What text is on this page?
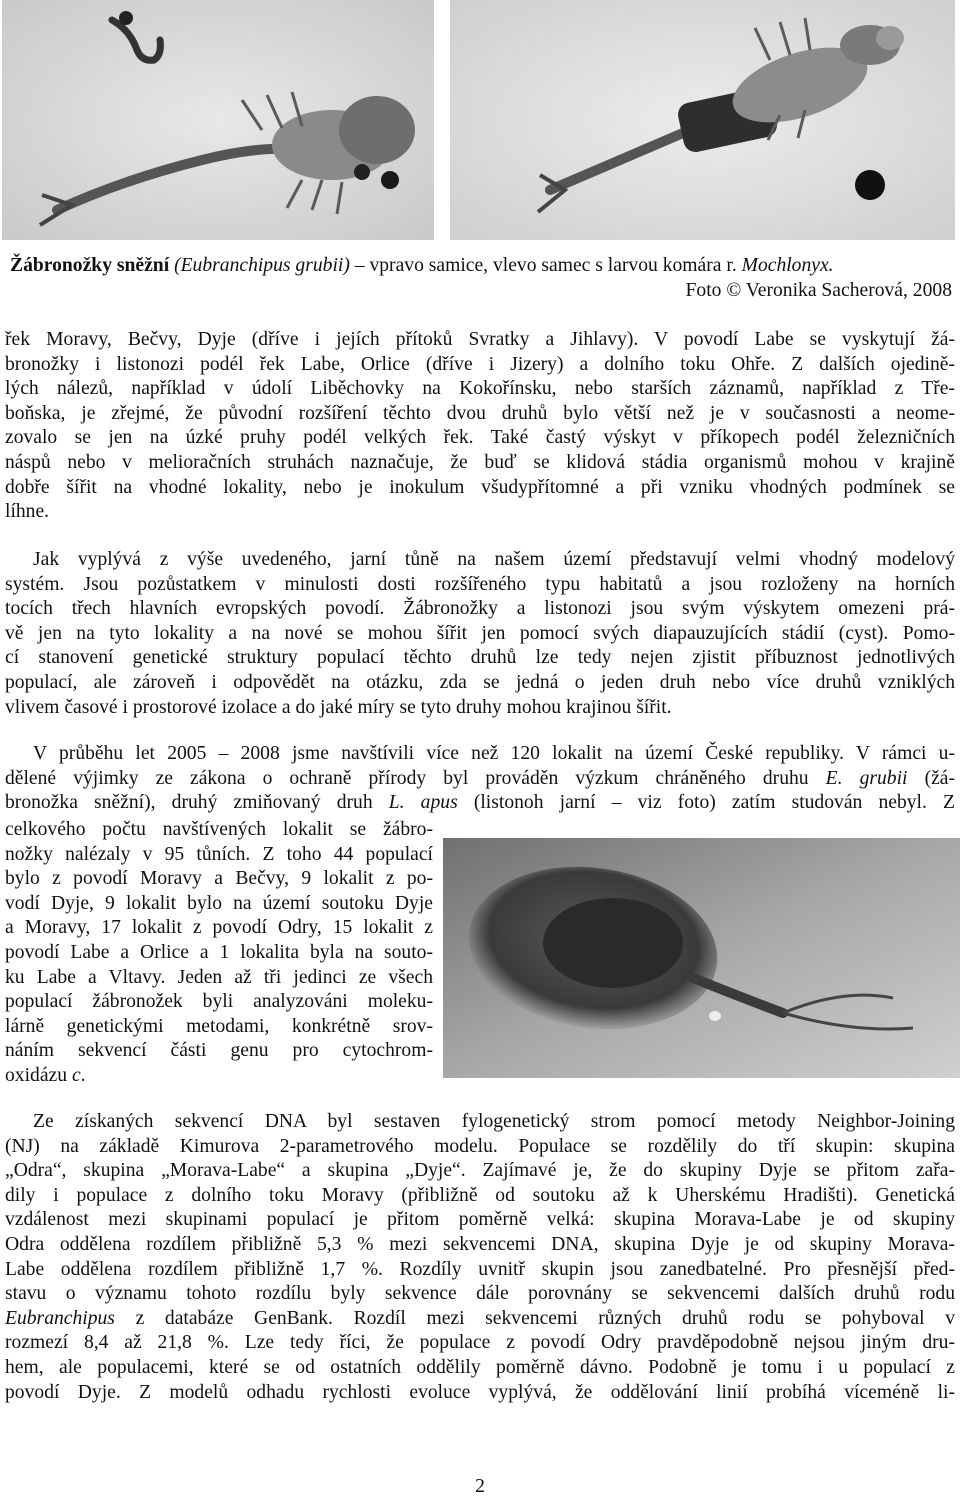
Žábronožky sněžní (Eubranchipus grubii) – vpravo samice, vlevo samec s larvou komára r. Mochlonyx.
Foto © Veronika Sacherová, 2008
řek Moravy, Bečvy, Dyje (dříve i jejích přítoků Svratky a Jihlavy). V povodí Labe se vyskytují žá-
bronožky i listonozi podél řek Labe, Orlice (dříve i Jizery) a dolního toku Ohře. Z dalších ojedině-
lých nálezů, například v údolí Liběchovky na Kokořínsku, nebo starších záznamů, například z Tře-
boňska, je zřejmé, že původní rozšíření těchto dvou druhů bylo větší než je v současnosti a neome-
zovalo se jen na úzké pruhy podél velkých řek. Také častý výskyt v příkopech podél železničních
náspů nebo v melioračních struhách naznačuje, že buď se klidová stádia organismů mohou v krajině
dobře šířit na vhodné lokality, nebo je inokulum všudypřítomné a při vzniku vhodných podmínek se
líhne.
Jak vyplývá z výše uvedeného, jarní tůně na našem území představují velmi vhodný modelový
systém. Jsou pozůstatkem v minulosti dosti rozšířeného typu habitatů a jsou rozloženy na horních
tocích třech hlavních evropských povodí. Žábronožky a listonozi jsou svým výskytem omezeni prá-
vě jen na tyto lokality a na nové se mohou šířit jen pomocí svých diapauzujících stádií (cyst). Pomo-
cí stanovení genetické struktury populací těchto druhů lze tedy nejen zjistit příbuznost jednotlivých
populací, ale zároveň i odpovědět na otázku, zda se jedná o jeden druh nebo více druhů vzniklých
vlivem časové i prostorové izolace a do jaké míry se tyto druhy mohou krajinou šířit.
V průběhu let 2005 – 2008 jsme navštívili více než 120 lokalit na území České republiky. V rámci u-
dělené výjimky ze zákona o ochraně přírody byl prováděn výzkum chráněného druhu E. grubii (žá-
bronožka sněžní), druhý zmiňovaný druh L. apus (listonoh jarní – viz foto) zatím studován nebyl. Z
celkového počtu navštívených lokalit se žábro-
nožky nalézaly v 95 tůních. Z toho 44 populací
bylo z povodí Moravy a Bečvy, 9 lokalit z po-
vodí Dyje, 9 lokalit bylo na území soutoku Dyje
a Moravy, 17 lokalit z povodí Odry, 15 lokalit z
povodí Labe a Orlice a 1 lokalita byla na souto-
ku Labe a Vltavy. Jeden až tři jedinci ze všech
populací žábronožek byli analyzováni moleku-
lárně genetickými metodami, konkrétně srov-
náním sekvencí části genu pro cytochrom-
oxidázu c.
Ze získaných sekvencí DNA byl sestaven fylogenetický strom pomocí metody Neighbor-Joining
(NJ) na základě Kimurova 2-parametrového modelu. Populace se rozdělily do tří skupin: skupina
„Odra“, skupina „Morava-Labe“ a skupina „Dyje“. Zajímavé je, že do skupiny Dyje se přitom zařa-
dily i populace z dolního toku Moravy (přibližně od soutoku až k Uherskému Hradišti). Genetická
vzdálenost mezi skupinami populací je přitom poměrně velká: skupina Morava-Labe je od skupiny
Odra oddělena rozdílem přibližně 5,3 % mezi sekvencemi DNA, skupina Dyje je od skupiny Morava-
Labe oddělena rozdílem přibližně 1,7 %. Rozdíly uvnitř skupin jsou zanedbatelné. Pro přesnější před-
stavu o významu tohoto rozdílu byly sekvence dále porovnány se sekvencemi dalších druhů rodu
Eubranchipus z databáze GenBank. Rozdíl mezi sekvencemi různých druhů rodu se pohyboval v
rozmezí 8,4 až 21,8 %. Lze tedy říci, že populace z povodí Odry pravděpodobně nejsou jiným dru-
hem, ale populacemi, které se od ostatních oddělily poměrně dávno. Podobně je tomu i u populací z
povodí Dyje. Z modelů odhadu rychlosti evoluce vyplývá, že oddělování linií probíhá víceméně li-
2
